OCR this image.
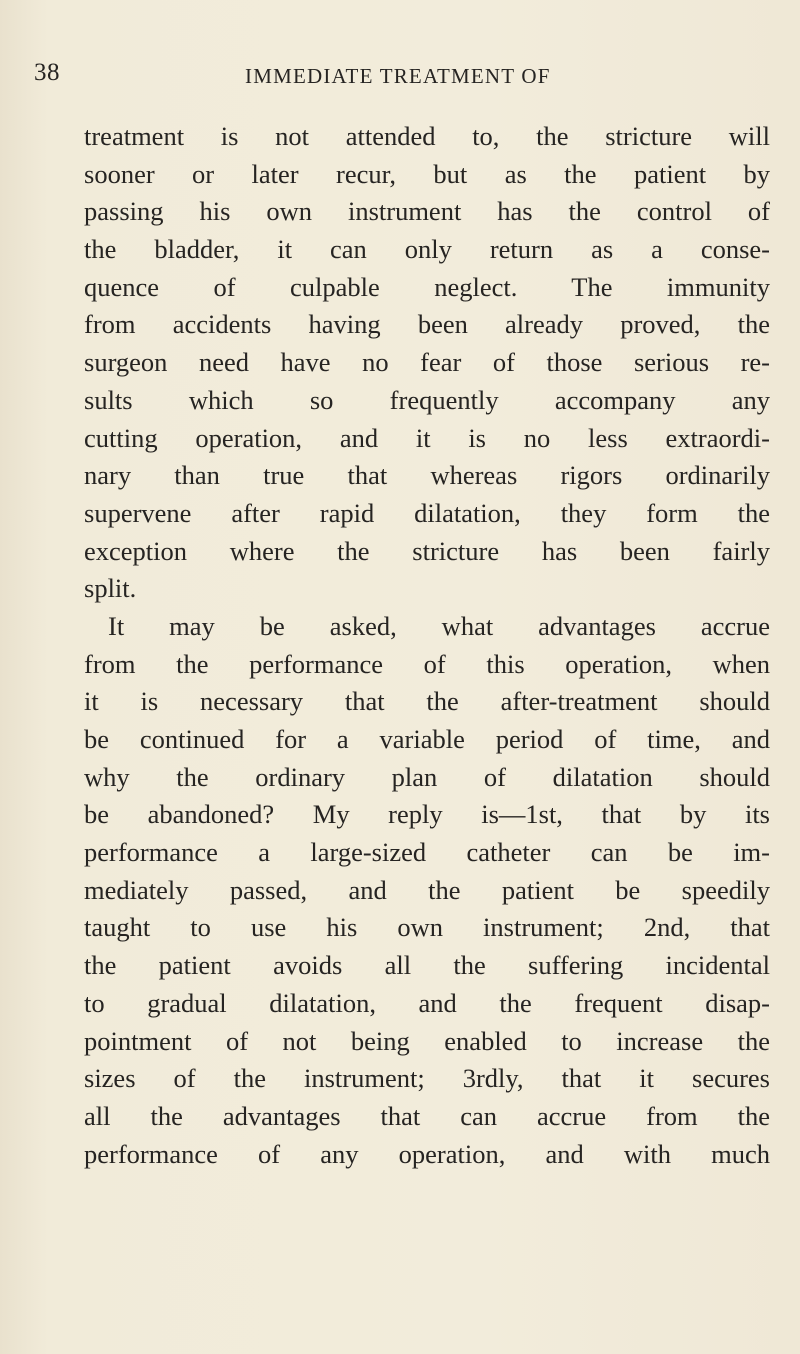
38	IMMEDIATE TREATMENT OF
treatment is not attended to, the stricture will
sooner or later recur, but as the patient by
passing his own instrument has the control of
the bladder, it can only return as a conse-
quence of culpable neglect. The immunity
from accidents having been already proved, the
surgeon need have no fear of those serious re-
sults which so frequently accompany any
cutting operation, and it is no less extraordi-
nary than true that whereas rigors ordinarily
supervene after rapid dilatation, they form the
exception where the stricture has been fairly
split.
It may be asked, what advantages accrue
from the performance of this operation, when
it is necessary that the after-treatment should
be continued for a variable period of time, and
why the ordinary plan of dilatation should
be abandoned? My reply is—1st, that by its
performance a large-sized catheter can be im-
mediately passed, and the patient be speedily
taught to use his own instrument; 2nd, that
the patient avoids all the suffering incidental
to gradual dilatation, and the frequent disap-
pointment of not being enabled to increase the
sizes of the instrument; 3rdly, that it secures
all the advantages that can accrue from the
performance of any operation, and with much
